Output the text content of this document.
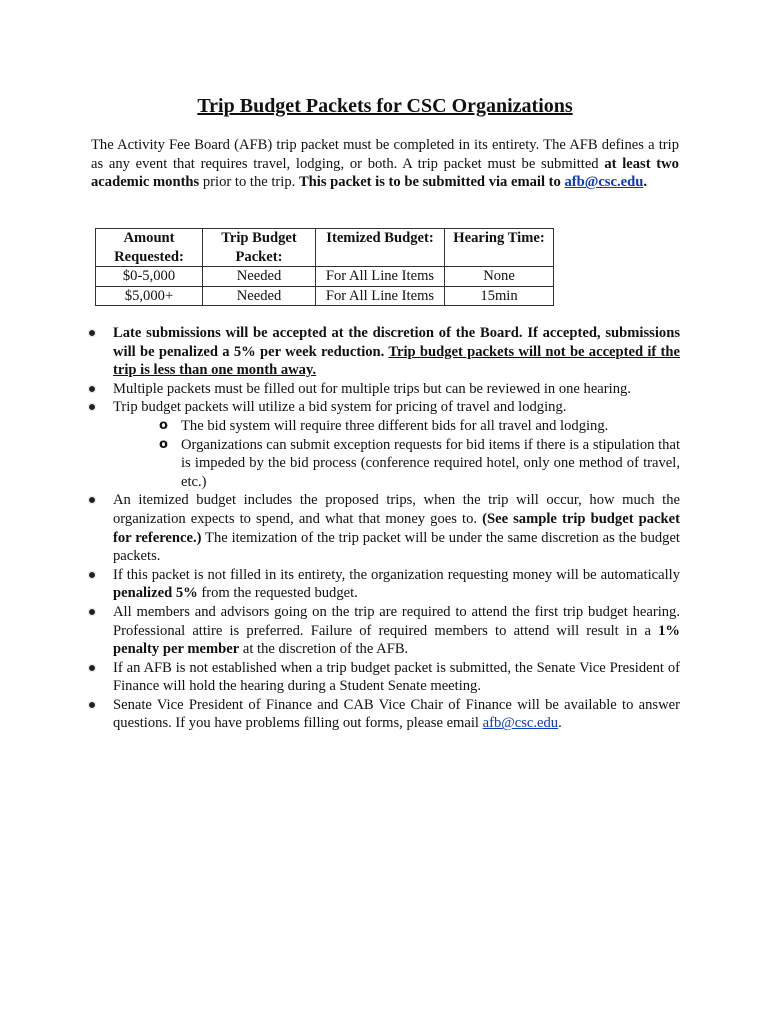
Trip Budget Packets for CSC Organizations
The Activity Fee Board (AFB) trip packet must be completed in its entirety. The AFB defines a trip as any event that requires travel, lodging, or both. A trip packet must be submitted at least two academic months prior to the trip. This packet is to be submitted via email to afb@csc.edu.
Amount Requested:	Trip Budget Packet:	Itemized Budget:	Hearing Time:
$0-5,000	Needed	For All Line Items	None
$5,000+	Needed	For All Line Items	15min
Late submissions will be accepted at the discretion of the Board. If accepted, submissions will be penalized a 5% per week reduction. Trip budget packets will not be accepted if the trip is less than one month away.
Multiple packets must be filled out for multiple trips but can be reviewed in one hearing.
Trip budget packets will utilize a bid system for pricing of travel and lodging.
o The bid system will require three different bids for all travel and lodging.
o Organizations can submit exception requests for bid items if there is a stipulation that is impeded by the bid process (conference required hotel, only one method of travel, etc.)
An itemized budget includes the proposed trips, when the trip will occur, how much the organization expects to spend, and what that money goes to. (See sample trip budget packet for reference.) The itemization of the trip packet will be under the same discretion as the budget packets.
If this packet is not filled in its entirety, the organization requesting money will be automatically penalized 5% from the requested budget.
All members and advisors going on the trip are required to attend the first trip budget hearing. Professional attire is preferred. Failure of required members to attend will result in a 1% penalty per member at the discretion of the AFB.
If an AFB is not established when a trip budget packet is submitted, the Senate Vice President of Finance will hold the hearing during a Student Senate meeting.
Senate Vice President of Finance and CAB Vice Chair of Finance will be available to answer questions. If you have problems filling out forms, please email afb@csc.edu.
